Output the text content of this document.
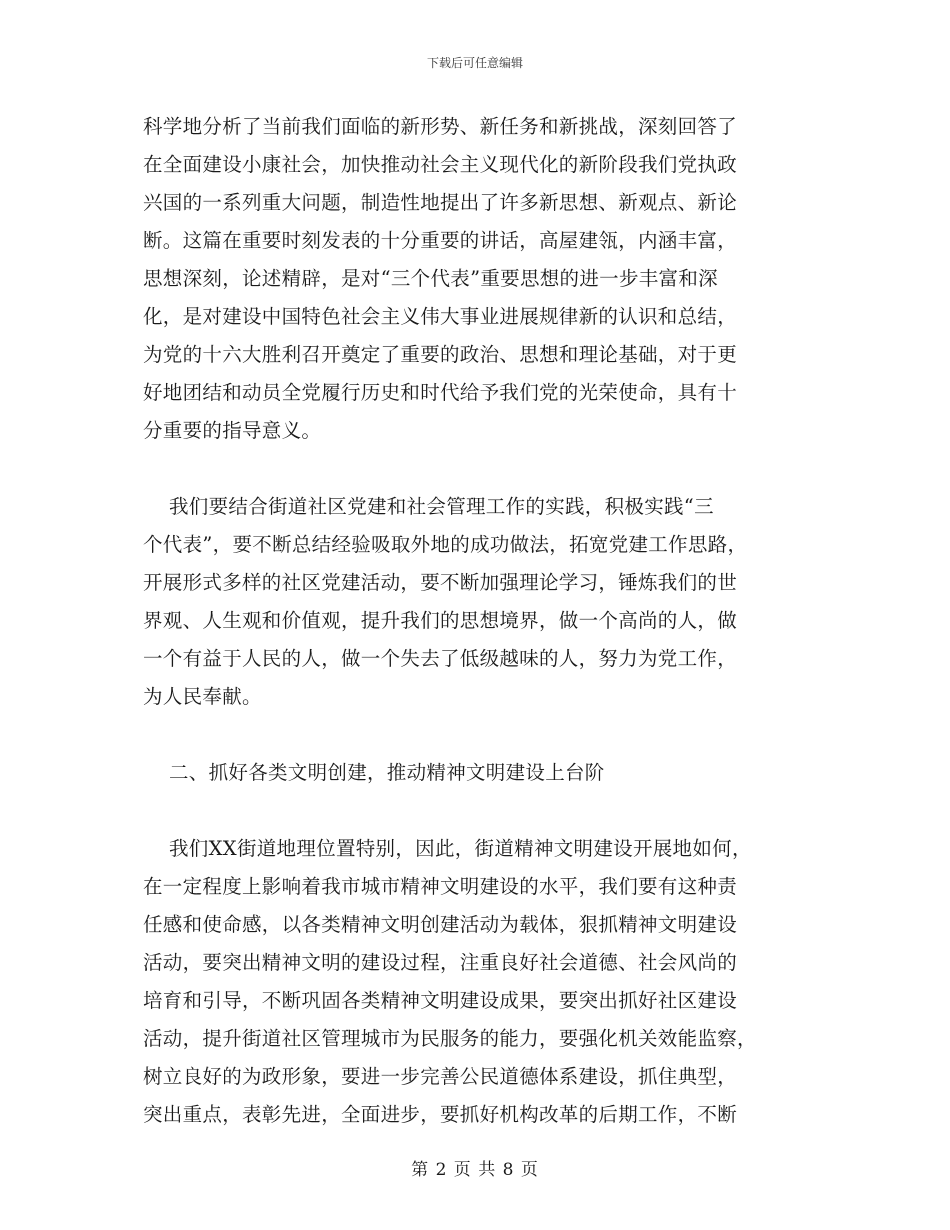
下载后可任意编辑
科学地分析了当前我们面临的新形势、新任务和新挑战，深刻回答了
在全面建设小康社会，加快推动社会主义现代化的新阶段我们党执政
兴国的一系列重大问题，制造性地提出了许多新思想、新观点、新论
断。这篇在重要时刻发表的十分重要的讲话，高屋建瓴，内涵丰富，
思想深刻，论述精辟，是对“三个代表”重要思想的进一步丰富和深
化，是对建设中国特色社会主义伟大事业进展规律新的认识和总结，
为党的十六大胜利召开奠定了重要的政治、思想和理论基础，对于更
好地团结和动员全党履行历史和时代给予我们党的光荣使命，具有十
分重要的指导意义。
我们要结合街道社区党建和社会管理工作的实践，积极实践“三
个代表”，要不断总结经验吸取外地的成功做法，拓宽党建工作思路，
开展形式多样的社区党建活动，要不断加强理论学习，锤炼我们的世
界观、人生观和价值观，提升我们的思想境界，做一个高尚的人，做
一个有益于人民的人，做一个失去了低级越味的人，努力为党工作，
为人民奉献。
二、抓好各类文明创建，推动精神文明建设上台阶
我们XX街道地理位置特别，因此，街道精神文明建设开展地如何，
在一定程度上影响着我市城市精神文明建设的水平，我们要有这种责
任感和使命感，以各类精神文明创建活动为载体，狠抓精神文明建设
活动，要突出精神文明的建设过程，注重良好社会道德、社会风尚的
培育和引导，不断巩固各类精神文明建设成果，要突出抓好社区建设
活动，提升街道社区管理城市为民服务的能力，要强化机关效能监察，
树立良好的为政形象，要进一步完善公民道德体系建设，抓住典型，
突出重点，表彰先进，全面进步，要抓好机构改革的后期工作，不断
第 2 页 共 8 页
